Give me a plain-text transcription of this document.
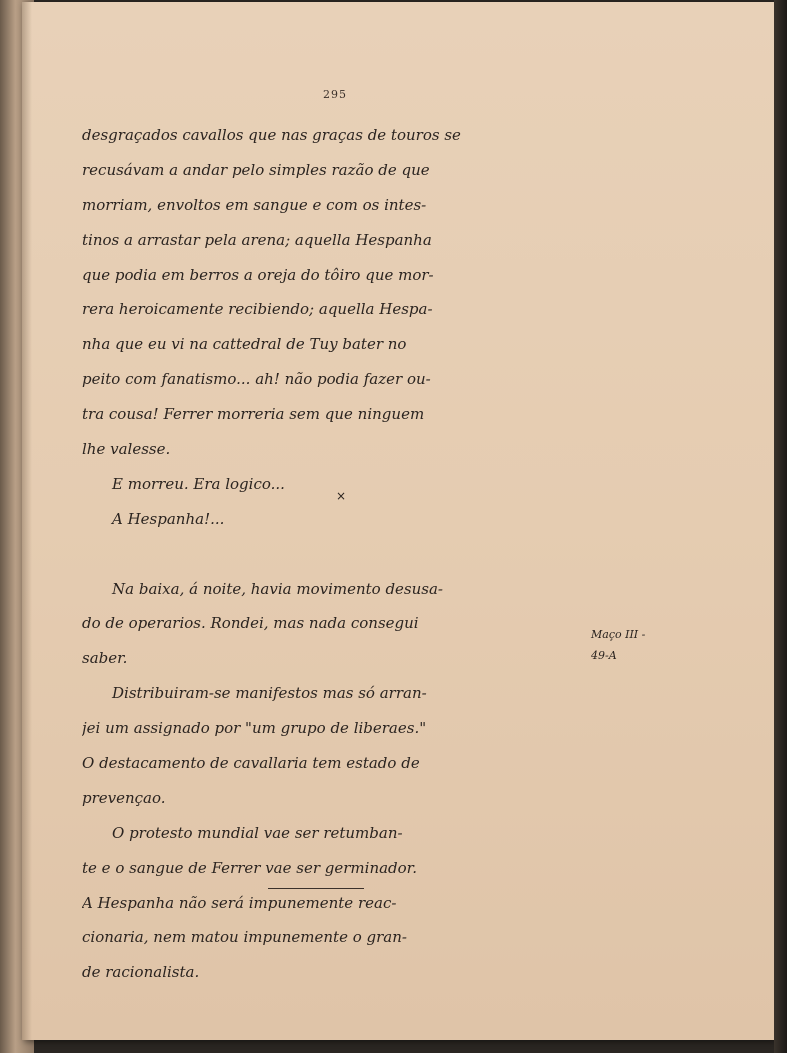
295
desgraçados cavallos que nas graças de touros se
recusávam a andar pelo simples razão de que
morriam, envoltos em sangue e com os intes-
tinos a arrastar pela arena; aquella Hespanha
que podia em berros a oreja do tôiro que mor-
rera heroicamente recibiendo; aquella Hespa-
nha que eu vi na cattedral de Tuy bater no
peito com fanatismo... ah! não podia fazer ou-
tra cousa! Ferrer morreria sem que ninguem
lhe valesse.
E morreu. Era logico...
A Hespanha!...
Na baixa, á noite, havia movimento desusa-
do de operarios. Rondei, mas nada consegui
saber.
Distribuiram-se manifestos mas só arran-
jei um assignado por "um grupo de liberaes."
O destacamento de cavallaria tem estado de
prevençao.
O protesto mundial vae ser retumban-
te e o sangue de Ferrer vae ser germinador.
A Hespanha não será impunemente reac-
cionaria, nem matou impunemente o gran-
de racionalista.
×
Maço III -
49-A
